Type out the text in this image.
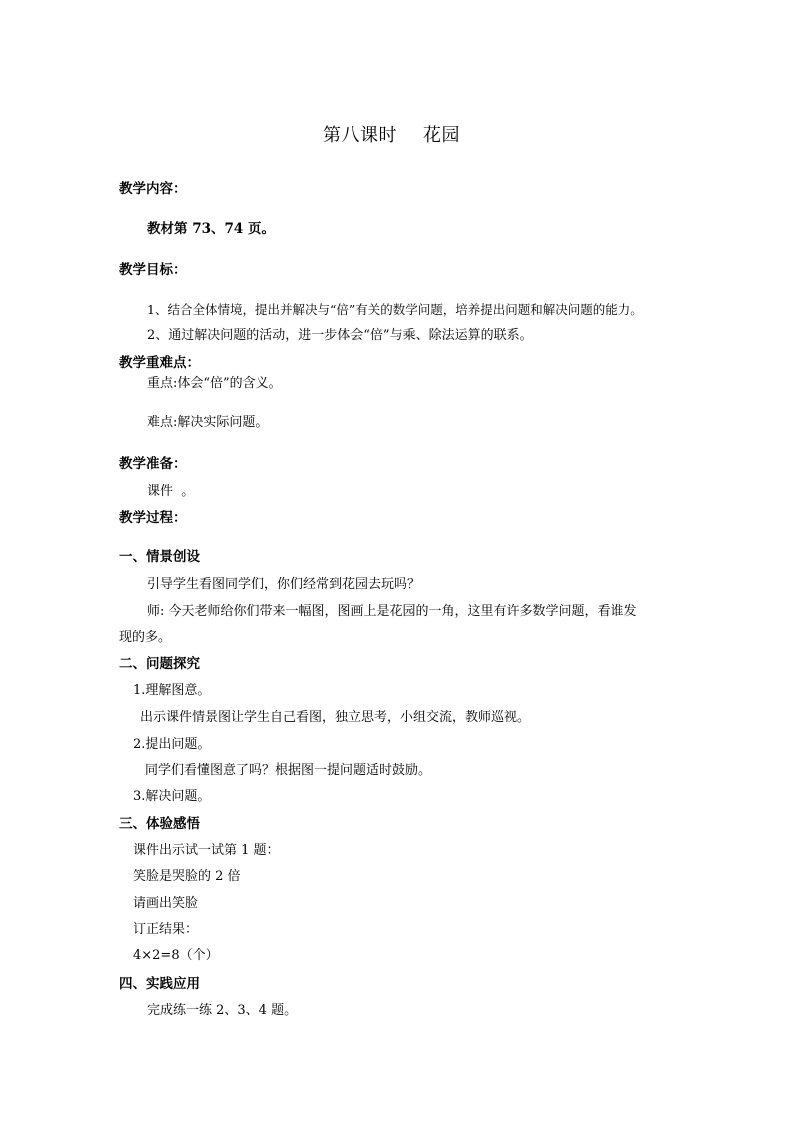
第八课时 花园
教学内容：
教材第 73、74 页。
教学目标：
1、结合全体情境，提出并解决与“倍”有关的数学问题，培养提出问题和解决问题的能力。
2、通过解决问题的活动，进一步体会“倍”与乘、除法运算的联系。
教学重难点：
重点:体会“倍”的含义。
难点:解决实际问题。
教学准备：
课件  。
教学过程：
一、情景创设
引导学生看图同学们，你们经常到花园去玩吗？
师: 今天老师给你们带来一幅图，图画上是花园的一角，这里有许多数学问题，看谁发
现的多。
二、问题探究
1.理解图意。
出示课件情景图让学生自己看图，独立思考，小组交流，教师巡视。
2.提出问题。
同学们看懂图意了吗？根据图一提问题适时鼓励。
3.解决问题。
三、体验感悟
课件出示试一试第 1 题：
笑脸是哭脸的 2 倍
请画出笑脸
订正结果：
4×2=8（个）
四、实践应用
完成练一练 2、3、4 题。
